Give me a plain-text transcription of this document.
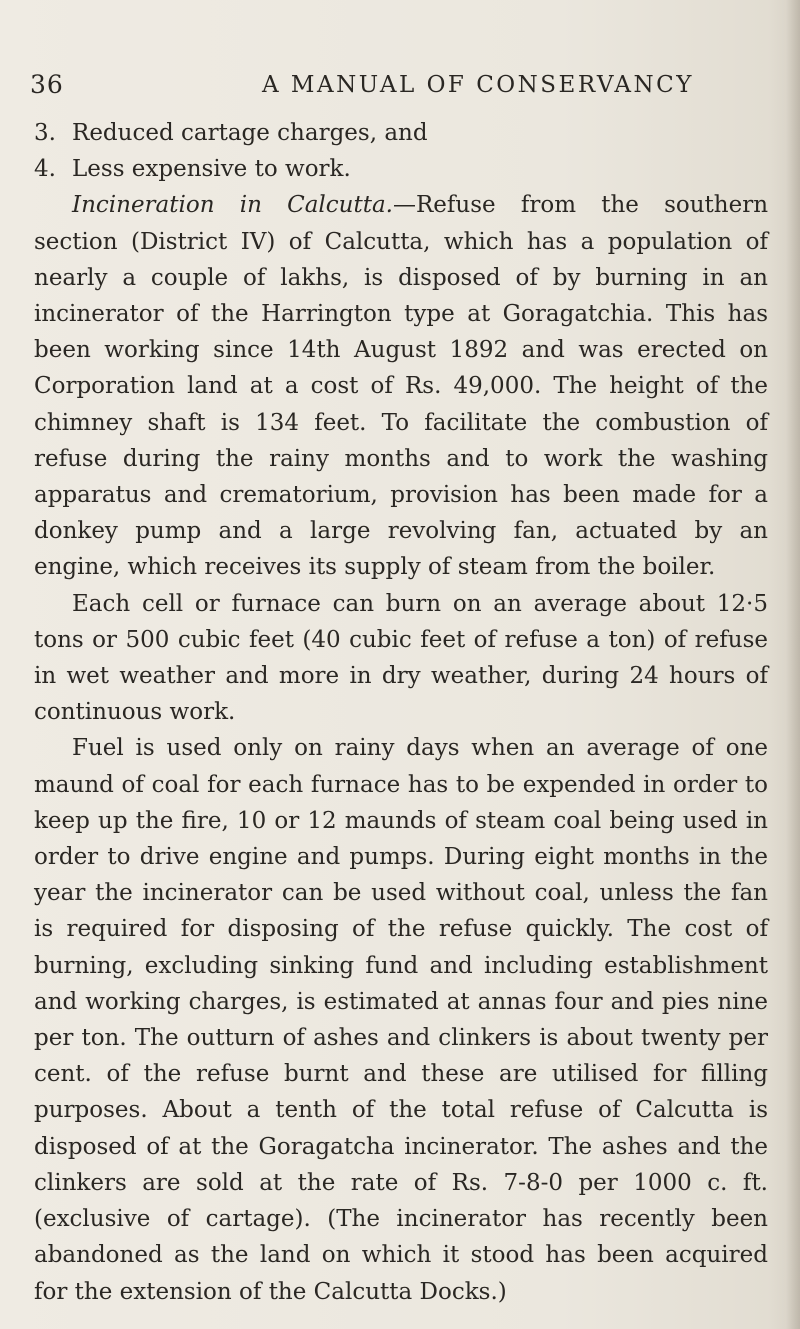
36	A MANUAL OF CONSERVANCY

3. Reduced cartage charges, and

4. Less expensive to work.

Incineration in Calcutta.—Refuse from the southern section (District IV) of Calcutta, which has a population of nearly a couple of lakhs, is disposed of by burning in an incinerator of the Harrington type at Goragatchia. This has been working since 14th August 1892 and was erected on Corporation land at a cost of Rs. 49,000. The height of the chimney shaft is 134 feet. To facilitate the combustion of refuse during the rainy months and to work the washing apparatus and crematorium, provision has been made for a donkey pump and a large revolving fan, actuated by an engine, which receives its supply of steam from the boiler.

Each cell or furnace can burn on an average about 12·5 tons or 500 cubic feet (40 cubic feet of refuse a ton) of refuse in wet weather and more in dry weather, during 24 hours of continuous work.

Fuel is used only on rainy days when an average of one maund of coal for each furnace has to be expended in order to keep up the fire, 10 or 12 maunds of steam coal being used in order to drive engine and pumps. During eight months in the year the incinerator can be used without coal, unless the fan is required for disposing of the refuse quickly. The cost of burning, excluding sinking fund and including establishment and working charges, is estimated at annas four and pies nine per ton. The outturn of ashes and clinkers is about twenty per cent. of the refuse burnt and these are utilised for filling purposes. About a tenth of the total refuse of Calcutta is disposed of at the Goragatcha incinerator. The ashes and the clinkers are sold at the rate of Rs. 7-8-0 per 1000 c. ft. (exclusive of cartage). (The incinerator has recently been abandoned as the land on which it stood has been acquired for the extension of the Calcutta Docks.)
